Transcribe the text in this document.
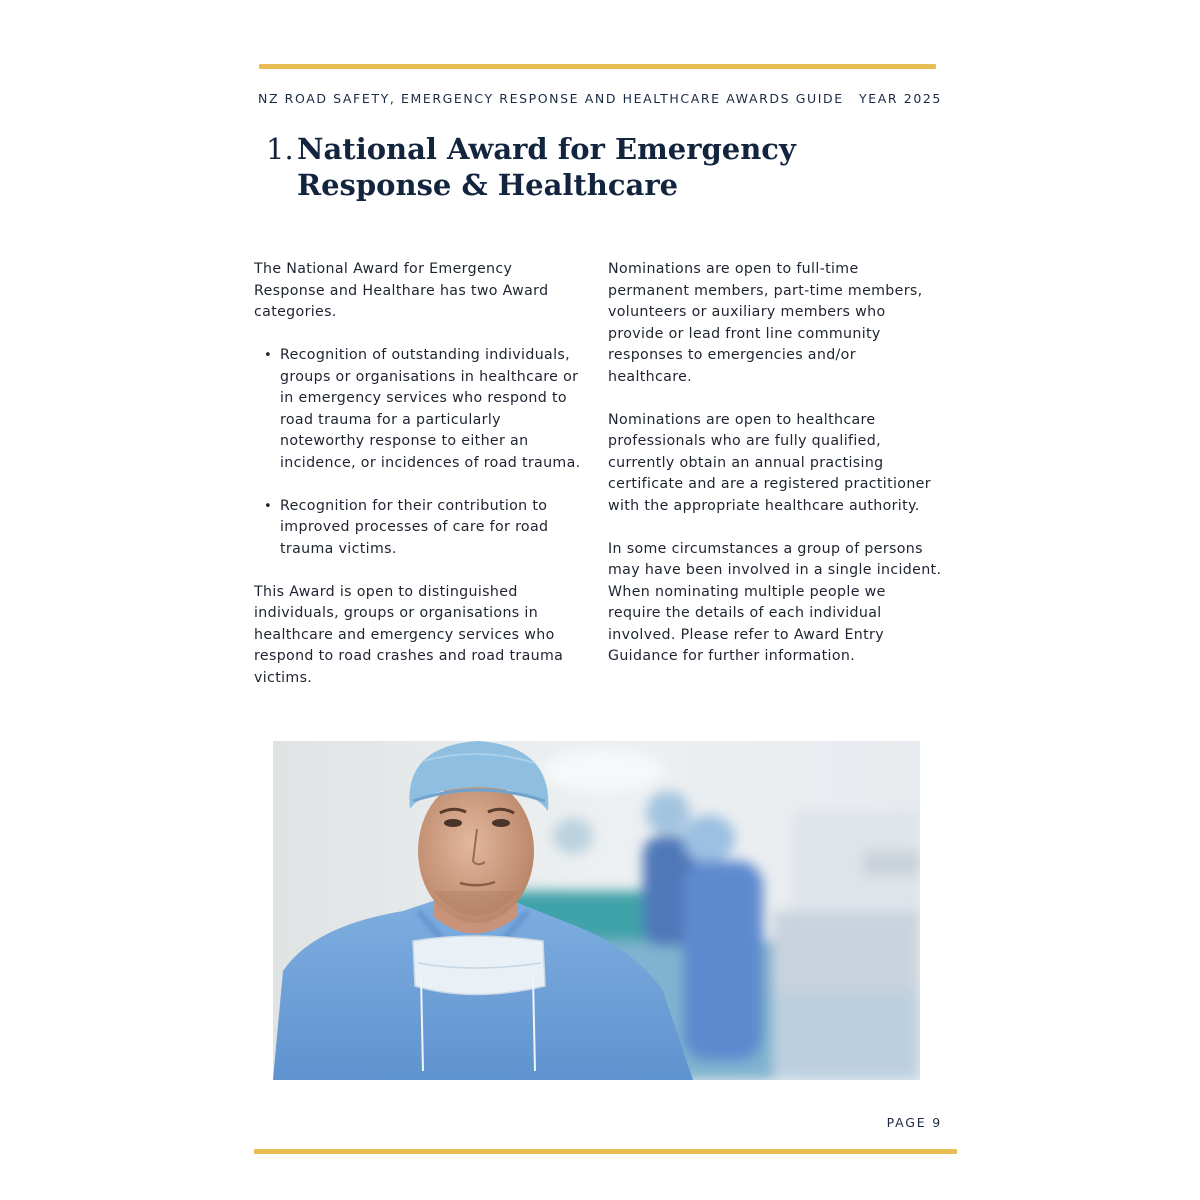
NZ ROAD SAFETY, EMERGENCY RESPONSE AND HEALTHCARE AWARDS GUIDE YEAR 2025
1. National Award for Emergency
Response & Healthcare

The National Award for Emergency Response and Healthare has two Award categories.

• Recognition of outstanding individuals, groups or organisations in healthcare or in emergency services who respond to road trauma for a particularly noteworthy response to either an incidence, or incidences of road trauma.
• Recognition for their contribution to improved processes of care for road trauma victims.

This Award is open to distinguished individuals, groups or organisations in healthcare and emergency services who respond to road crashes and road trauma victims.

Nominations are open to full-time permanent members, part-time members, volunteers or auxiliary members who provide or lead front line community responses to emergencies and/or healthcare.

Nominations are open to healthcare professionals who are fully qualified, currently obtain an annual practising certificate and are a registered practitioner with the appropriate healthcare authority.

In some circumstances a group of persons may have been involved in a single incident. When nominating multiple people we require the details of each individual involved. Please refer to Award Entry Guidance for further information.

PAGE 9
